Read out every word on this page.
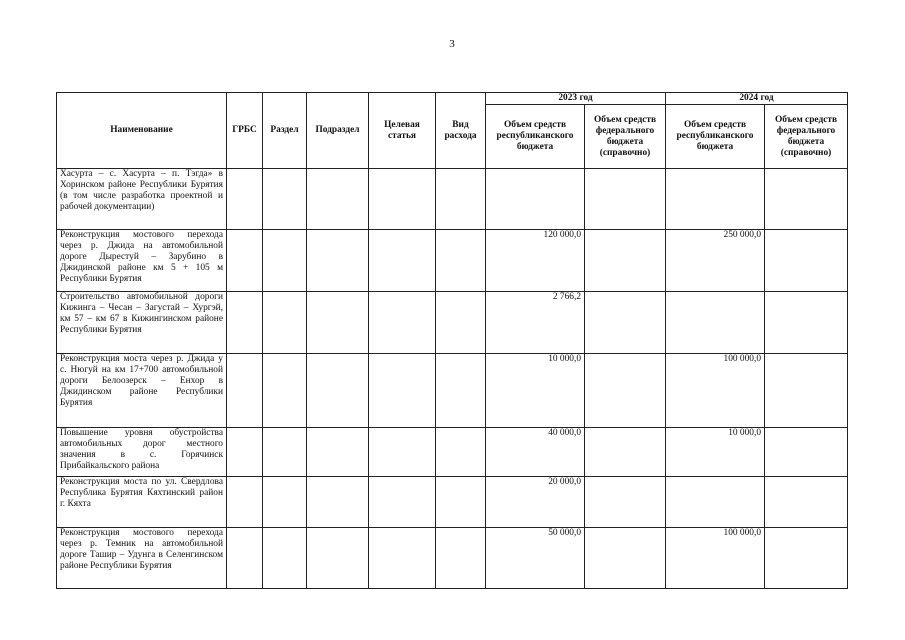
3
Наименование	ГРБС	Раздел	Подраздел	Целевая статья	Вид расхода	2023 год		2024 год	
						Объем средств республиканского бюджета	Объем средств федерального бюджета (справочно)	Объем средств республиканского бюджета	Объем средств федерального бюджета (справочно)
Хасурта – с. Хасурта – п. Тэгда» в Хоринском районе Республики Бурятия (в том числе разработка проектной и рабочей документации)									
Реконструкция мостового перехода через р. Джида на автомобильной дороге Дырестуй – Зарубино в Джидинской районе км 5 + 105 м Республики Бурятия						120 000,0		250 000,0	
Строительство автомобильной дороги Кижинга – Чесан – Загустай – Хургэй, км 57 – км 67 в Кижингинском районе Республики Бурятия						2 766,2			
Реконструкция моста через р. Джида у с. Нюгуй на км 17+700 автомобильной дороги Белоозерск – Енхор в Джидинском районе Республики Бурятия						10 000,0		100 000,0	
Повышение уровня обустройства автомобильных дорог местного значения в с. Горячинск Прибайкальского района						40 000,0		10 000,0	
Реконструкция моста по ул. Свердлова Республика Бурятия Кяхтинский район г. Кяхта						20 000,0			
Реконструкция мостового перехода через р. Темник на автомобильной дороге Ташир – Удунга в Селенгинском районе Республики Бурятия						50 000,0		100 000,0	
